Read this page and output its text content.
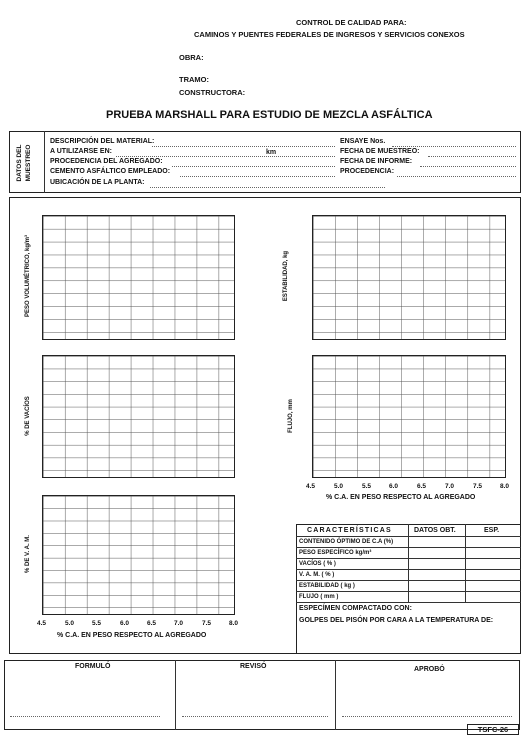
CONTROL DE CALIDAD PARA:
CAMINOS Y PUENTES FEDERALES DE INGRESOS Y SERVICIOS CONEXOS
OBRA:
TRAMO:
CONSTRUCTORA:
PRUEBA MARSHALL PARA ESTUDIO DE MEZCLA ASFÁLTICA
DATOS DEL MUESTREO
DESCRIPCIÓN DEL MATERIAL:
A UTILIZARSE EN:	km
PROCEDENCIA DEL AGREGADO:
CEMENTO ASFÁLTICO EMPLEADO:
UBICACIÓN DE LA PLANTA:
ENSAYE Nos.
FECHA DE MUESTREO:
FECHA DE INFORME:
PROCEDENCIA:
PESO VOLUMÉTRICO, kg/m³	ESTABILIDAD, kg
% DE VACÍOS	FLUJO, mm
4.5	5.0	5.5	6.0	6.5	7.0	7.5	8.0
% C.A. EN PESO RESPECTO AL AGREGADO
% DE V. A. M.
4.5	5.0	5.5	6.0	6.5	7.0	7.5	8.0
% C.A. EN PESO RESPECTO AL AGREGADO
CARACTERÍSTICAS	DATOS OBT.	ESP.
CONTENIDO ÓPTIMO DE C.A (%)
PESO ESPECÍFICO kg/m³
VACÍOS ( % )
V. A. M. ( % )
ESTABILIDAD ( kg )
FLUJO ( mm )
ESPECÍMEN COMPACTADO CON:
GOLPES DEL PISÓN POR CARA A LA TEMPERATURA DE:
FORMULÓ	REVISÓ	APROBÓ
TSFC-26
